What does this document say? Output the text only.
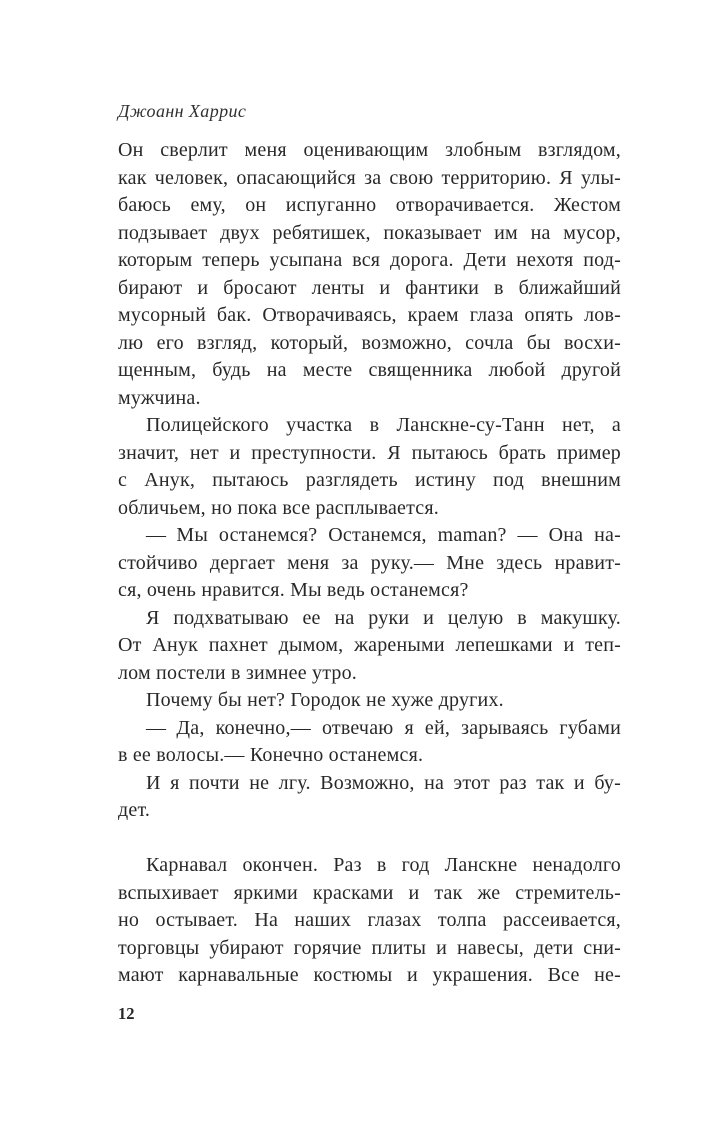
Джоанн Харрис
Он сверлит меня оценивающим злобным взглядом,
как человек, опасающийся за свою территорию. Я улы-
баюсь ему, он испуганно отворачивается. Жестом
подзывает двух ребятишек, показывает им на мусор,
которым теперь усыпана вся дорога. Дети нехотя под-
бирают и бросают ленты и фантики в ближайший
мусорный бак. Отворачиваясь, краем глаза опять лов-
лю его взгляд, который, возможно, сочла бы восхи-
щенным, будь на месте священника любой другой
мужчина.
Полицейского участка в Ланскне-су-Танн нет, а
значит, нет и преступности. Я пытаюсь брать пример
с Анук, пытаюсь разглядеть истину под внешним
обличьем, но пока все расплывается.
— Мы останемся? Останемся, maman? — Она на-
стойчиво дергает меня за руку.— Мне здесь нравит-
ся, очень нравится. Мы ведь останемся?
Я подхватываю ее на руки и целую в макушку.
От Анук пахнет дымом, жареными лепешками и теп-
лом постели в зимнее утро.
Почему бы нет? Городок не хуже других.
— Да, конечно,— отвечаю я ей, зарываясь губами
в ее волосы.— Конечно останемся.
И я почти не лгу. Возможно, на этот раз так и бу-
дет.
Карнавал окончен. Раз в год Ланскне ненадолго
вспыхивает яркими красками и так же стремитель-
но остывает. На наших глазах толпа рассеивается,
торговцы убирают горячие плиты и навесы, дети сни-
мают карнавальные костюмы и украшения. Все не-
12
